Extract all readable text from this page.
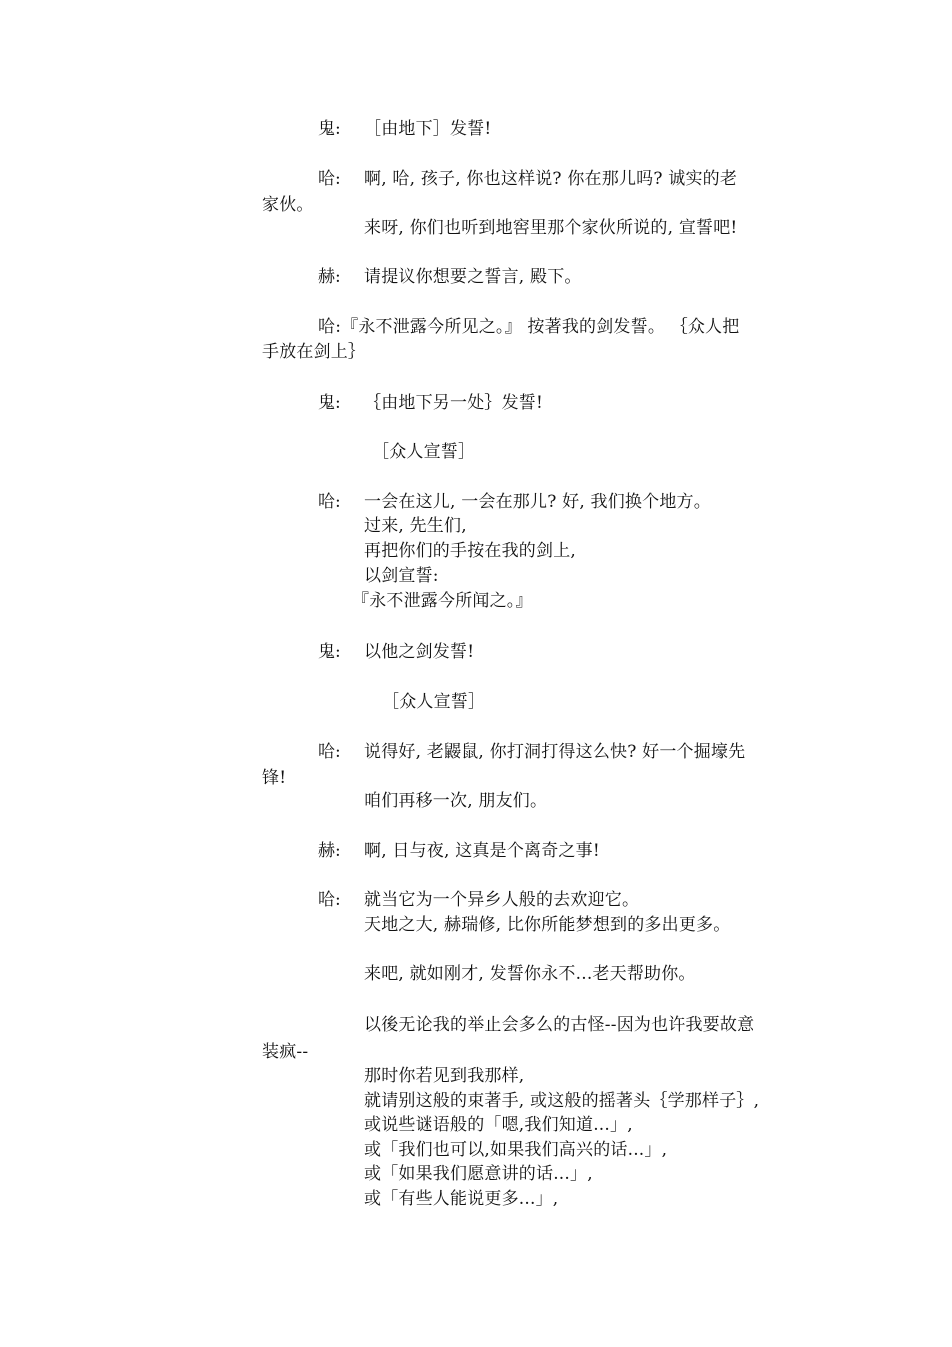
鬼: ［由地下］发誓!
哈: 啊, 哈, 孩子, 你也这样说? 你在那儿吗? 诚实的老
家伙。
来呀, 你们也听到地窖里那个家伙所说的, 宣誓吧!
赫: 请提议你想要之誓言, 殿下。
哈:『永不泄露今所见之。』 按著我的剑发誓。 ｛众人把
手放在剑上｝
鬼: ｛由地下另一处｝发誓!
［众人宣誓］
哈: 一会在这儿, 一会在那儿? 好, 我们换个地方。
过来, 先生们,
再把你们的手按在我的剑上,
以剑宣誓:
『永不泄露今所闻之。』
鬼: 以他之剑发誓!
［众人宣誓］
哈: 说得好, 老鼹鼠, 你打洞打得这么快? 好一个掘壕先
锋!
咱们再移一次, 朋友们。
赫: 啊, 日与夜, 这真是个离奇之事!
哈: 就当它为一个异乡人般的去欢迎它。
天地之大, 赫瑞修, 比你所能梦想到的多出更多。
来吧, 就如刚才, 发誓你永不...老天帮助你。
以後无论我的举止会多么的古怪--因为也许我要故意
装疯--
那时你若见到我那样,
就请别这般的束著手, 或这般的摇著头｛学那样子｝,
或说些谜语般的「嗯,我们知道...」,
或「我们也可以,如果我们高兴的话...」,
或「如果我们愿意讲的话...」,
或「有些人能说更多...」,
